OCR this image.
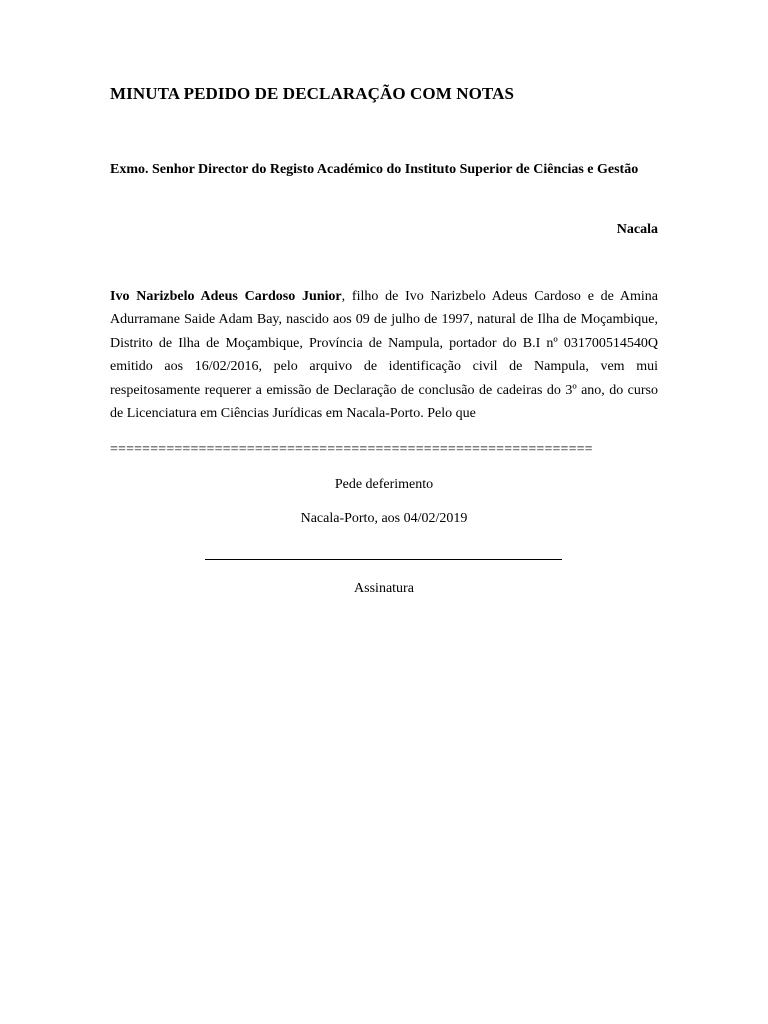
MINUTA PEDIDO DE DECLARAÇÃO COM NOTAS
Exmo. Senhor Director do Registo Académico do Instituto Superior de Ciências e Gestão
Nacala
Ivo Narizbelo Adeus Cardoso Junior, filho de Ivo Narizbelo Adeus Cardoso e de Amina Adurramane Saide Adam Bay, nascido aos 09 de julho de 1997, natural de Ilha de Moçambique, Distrito de Ilha de Moçambique, Província de Nampula, portador do B.I nº 031700514540Q emitido aos 16/02/2016, pelo arquivo de identificação civil de Nampula, vem mui respeitosamente requerer a emissão de Declaração de conclusão de cadeiras do 3º ano, do curso de Licenciatura em Ciências Jurídicas em Nacala-Porto. Pelo que
============================================================
Pede deferimento
Nacala-Porto, aos 04/02/2019
Assinatura
